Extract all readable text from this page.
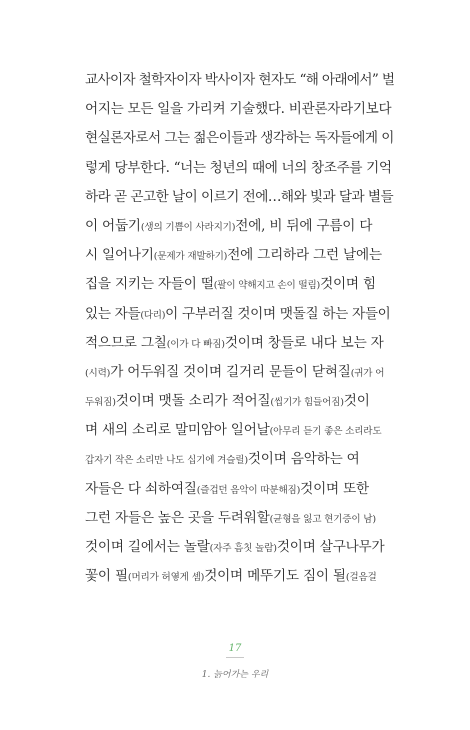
교사이자 철학자이자 박사이자 현자도 “해 아래에서” 벌
어지는 모든 일을 가리켜 기술했다. 비관론자라기보다
현실론자로서 그는 젊은이들과 생각하는 독자들에게 이
렇게 당부한다. “너는 청년의 때에 너의 창조주를 기억
하라 곧 곤고한 날이 이르기 전에…해와 빛과 달과 별들
이 어둡기(생의 기쁨이 사라지기)전에, 비 뒤에 구름이 다
시 일어나기(문제가 재발하기)전에 그리하라 그런 날에는
집을 지키는 자들이 떨(팔이 약해지고 손이 떨림)것이며 힘
있는 자들(다리)이 구부러질 것이며 맷돌질 하는 자들이
적으므로 그칠(이가 다 빠짐)것이며 창들로 내다 보는 자
(시력)가 어두워질 것이며 길거리 문들이 닫혀질(귀가 어
두워짐)것이며 맷돌 소리가 적어질(씹기가 힘들어짐)것이
며 새의 소리로 말미암아 일어날(아무리 듣기 좋은 소리라도
갑자기 작은 소리만 나도 십기에 겨슬릴)것이며 음악하는 여
자들은 다 쇠하여질(즐겁던 음악이 따분해짐)것이며 또한
그런 자들은 높은 곳을 두려워할(균형을 잃고 현기증이 남)
것이며 길에서는 놀랄(자주 흠칫 놀람)것이며 살구나무가
꽃이 필(머리가 허옇게 셈)것이며 메뚜기도 짐이 될(걸음걸
17
1. 늙어가는 우리
